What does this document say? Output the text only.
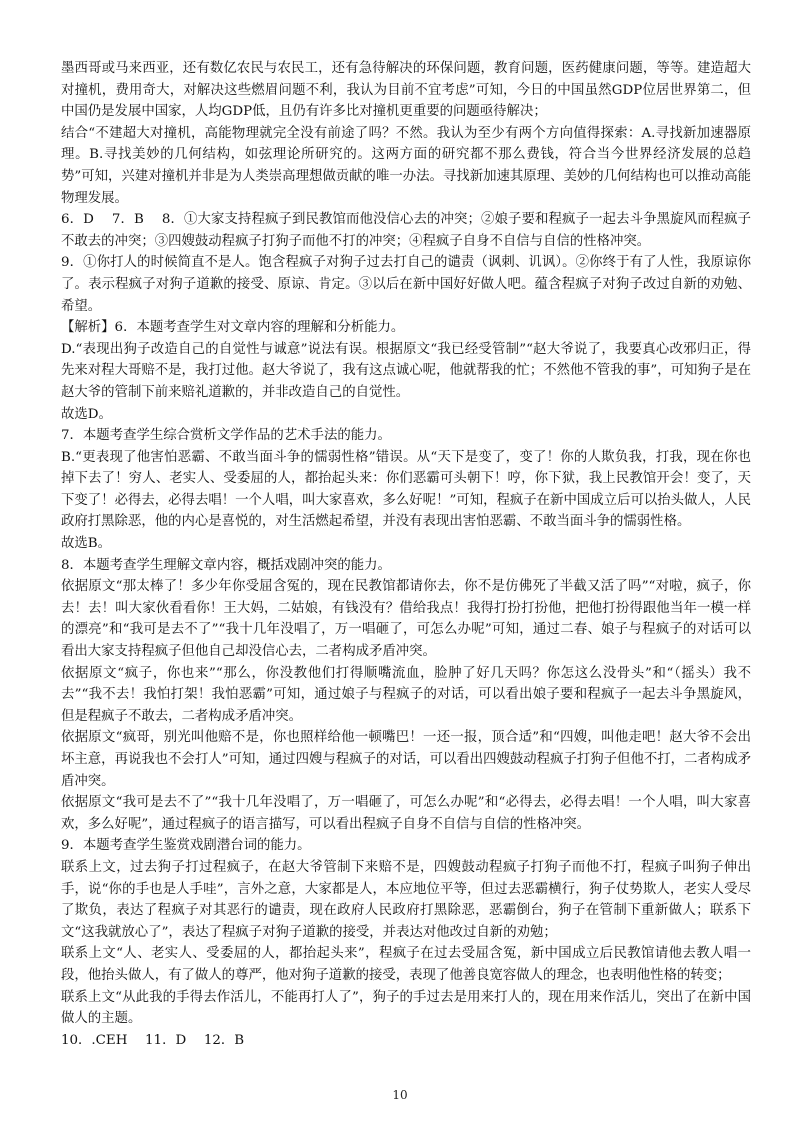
墨西哥或马来西亚，还有数亿农民与农民工，还有急待解决的环保问题，教育问题，医药健康问题，等等。建造超大对撞机，费用奇大，对解决这些燃眉问题不利，我认为目前不宜考虑”可知，今日的中国虽然GDP位居世界第二，但中国仍是发展中国家，人均GDP低，且仍有许多比对撞机更重要的问题亟待解决；

结合“不建超大对撞机，高能物理就完全没有前途了吗？不然。我认为至少有两个方向值得探索：A.寻找新加速器原理。B.寻找美妙的几何结构，如弦理论所研究的。这两方面的研究都不那么费钱，符合当今世界经济发展的总趋势”可知，兴建对撞机并非是为人类崇高理想做贡献的唯一办法。寻找新加速其原理、美妙的几何结构也可以推动高能物理发展。

6．D　 7．B　 8．①大家支持程疯子到民教馆而他没信心去的冲突；②娘子要和程疯子一起去斗争黑旋风而程疯子不敢去的冲突；③四嫂鼓动程疯子打狗子而他不打的冲突；④程疯子自身不自信与自信的性格冲突。

9．①你打人的时候简直不是人。饱含程疯子对狗子过去打自己的谴责（讽刺、讥讽）。②你终于有了人性，我原谅你了。表示程疯子对狗子道歉的接受、原谅、肯定。③以后在新中国好好做人吧。蕴含程疯子对狗子改过自新的劝勉、希望。

【解析】6．本题考查学生对文章内容的理解和分析能力。

D.“表现出狗子改造自己的自觉性与诚意”说法有误。根据原文“我已经受管制”“赵大爷说了，我要真心改邪归正，得先来对程大哥赔不是，我打过他。赵大爷说了，我有这点诚心呢，他就帮我的忙；不然他不管我的事”，可知狗子是在赵大爷的管制下前来赔礼道歉的，并非改造自己的自觉性。

故选D。

7．本题考查学生综合赏析文学作品的艺术手法的能力。

B.“更表现了他害怕恶霸、不敢当面斗争的懦弱性格”错误。从“天下是变了，变了！你的人欺负我，打我，现在你也掉下去了！穷人、老实人、受委屈的人，都抬起头来：你们恶霸可头朝下！哼，你下狱，我上民教馆开会！变了，天下变了！必得去，必得去唱！一个人唱，叫大家喜欢，多么好呢！”可知，程疯子在新中国成立后可以抬头做人，人民政府打黑除恶，他的内心是喜悦的，对生活燃起希望，并没有表现出害怕恶霸、不敢当面斗争的懦弱性格。

故选B。

8．本题考查学生理解文章内容，概括戏剧冲突的能力。

依据原文“那太棒了！多少年你受屈含冤的，现在民教馆都请你去，你不是仿佛死了半截又活了吗”“对啦，疯子，你去！去！叫大家伙看看你！王大妈，二姑娘，有钱没有？借给我点！我得打扮打扮他，把他打扮得跟他当年一模一样的漂亮”和“我可是去不了”“我十几年没唱了，万一唱砸了，可怎么办呢”可知，通过二春、娘子与程疯子的对话可以看出大家支持程疯子但他自己却没信心去，二者构成矛盾冲突。

依据原文“疯子，你也来”“那么，你没教他们打得顺嘴流血，脸肿了好几天吗？你怎这么没骨头”和“（摇头）我不去”“我不去！我怕打架！我怕恶霸”可知，通过娘子与程疯子的对话，可以看出娘子要和程疯子一起去斗争黑旋风，但是程疯子不敢去，二者构成矛盾冲突。

依据原文“疯哥，别光叫他赔不是，你也照样给他一顿嘴巴！一还一报，顶合适”和“四嫂，叫他走吧！赵大爷不会出坏主意，再说我也不会打人”可知，通过四嫂与程疯子的对话，可以看出四嫂鼓动程疯子打狗子但他不打，二者构成矛盾冲突。

依据原文“我可是去不了”“我十几年没唱了，万一唱砸了，可怎么办呢”和“必得去，必得去唱！一个人唱，叫大家喜欢，多么好呢”，通过程疯子的语言描写，可以看出程疯子自身不自信与自信的性格冲突。

9．本题考查学生鉴赏戏剧潜台词的能力。

联系上文，过去狗子打过程疯子，在赵大爷管制下来赔不是，四嫂鼓动程疯子打狗子而他不打，程疯子叫狗子伸出手，说“你的手也是人手哇”，言外之意，大家都是人，本应地位平等，但过去恶霸横行，狗子仗势欺人，老实人受尽了欺负，表达了程疯子对其恶行的谴责，现在政府人民政府打黑除恶，恶霸倒台，狗子在管制下重新做人；联系下文“这我就放心了”，表达了程疯子对狗子道歉的接受，并表达对他改过自新的劝勉；

联系上文“人、老实人、受委屈的人，都抬起头来”，程疯子在过去受屈含冤，新中国成立后民教馆请他去教人唱一段，他抬头做人，有了做人的尊严，他对狗子道歉的接受，表现了他善良宽容做人的理念，也表明他性格的转变；

联系上文“从此我的手得去作活儿，不能再打人了”，狗子的手过去是用来打人的，现在用来作活儿，突出了在新中国做人的主题。

10．.CEH　 11．D　 12．B

10
